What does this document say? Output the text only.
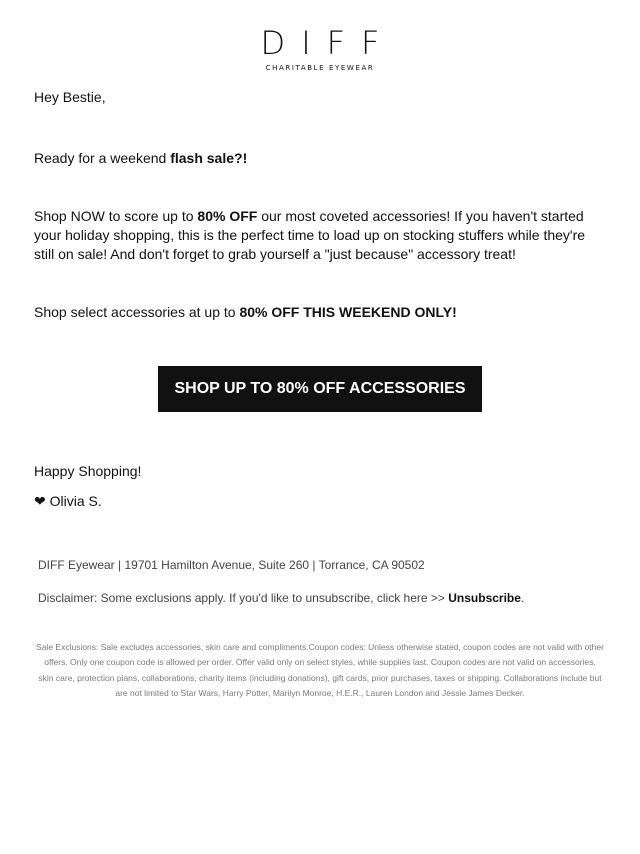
DIFF
CHARITABLE EYEWEAR
Hey Bestie,
Ready for a weekend flash sale?!
Shop NOW to score up to 80% OFF our most coveted accessories! If you haven't started your holiday shopping, this is the perfect time to load up on stocking stuffers while they're still on sale! And don't forget to grab yourself a "just because" accessory treat!
Shop select accessories at up to 80% OFF THIS WEEKEND ONLY!
SHOP UP TO 80% OFF ACCESSORIES
Happy Shopping!
❤ Olivia S.
DIFF Eyewear | 19701 Hamilton Avenue, Suite 260 | Torrance, CA 90502
Disclaimer: Some exclusions apply. If you'd like to unsubscribe, click here >> Unsubscribe.
Sale Exclusions: Sale excludes accessories, skin care and compliments.Coupon codes: Unless otherwise stated, coupon codes are not valid with other offers. Only one coupon code is allowed per order. Offer valid only on select styles, while supplies last. Coupon codes are not valid on accessories, skin care, protection plans, collaborations, charity items (including donations), gift cards, prior purchases, taxes or shipping. Collaborations include but are not limited to Star Wars, Harry Potter, Marilyn Monroe, H.E.R., Lauren London and Jessie James Decker.
